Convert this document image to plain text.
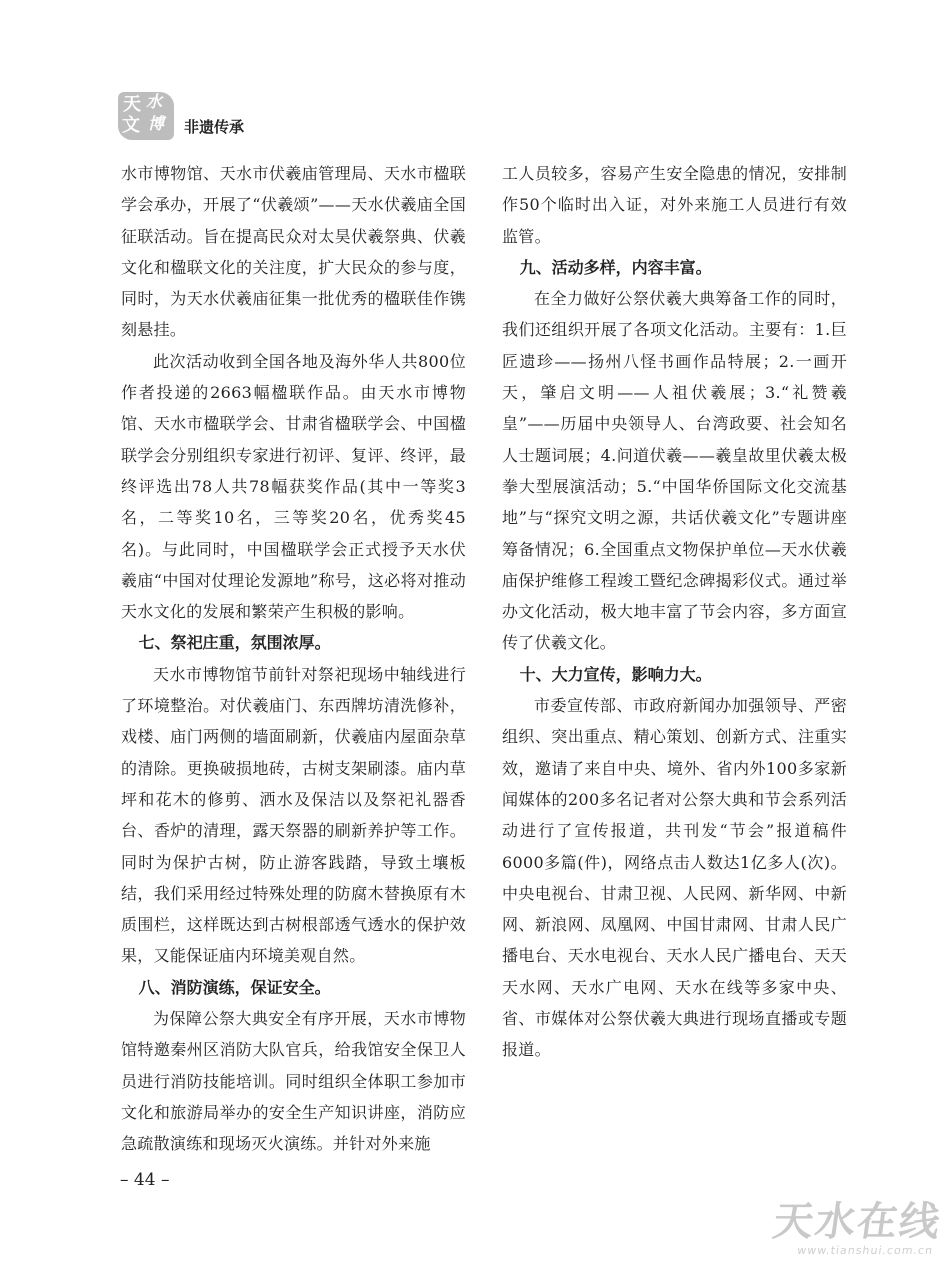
天 水
文 博 非遗传承

水市博物馆、天水市伏羲庙管理局、天水市楹联学会承办，开展了“伏羲颂”——天水伏羲庙全国征联活动。旨在提高民众对太昊伏羲祭典、伏羲文化和楹联文化的关注度，扩大民众的参与度，同时，为天水伏羲庙征集一批优秀的楹联佳作镌刻悬挂。

此次活动收到全国各地及海外华人共800位作者投递的2663幅楹联作品。由天水市博物馆、天水市楹联学会、甘肃省楹联学会、中国楹联学会分别组织专家进行初评、复评、终评，最终评选出78人共78幅获奖作品(其中一等奖3名，二等奖10名，三等奖20名，优秀奖45名)。与此同时，中国楹联学会正式授予天水伏羲庙“中国对仗理论发源地”称号，这必将对推动天水文化的发展和繁荣产生积极的影响。

七、祭祀庄重，氛围浓厚。

天水市博物馆节前针对祭祀现场中轴线进行了环境整治。对伏羲庙门、东西牌坊清洗修补，戏楼、庙门两侧的墙面刷新，伏羲庙内屋面杂草的清除。更换破损地砖，古树支架刷漆。庙内草坪和花木的修剪、洒水及保洁以及祭祀礼器香台、香炉的清理，露天祭器的刷新养护等工作。同时为保护古树，防止游客践踏，导致土壤板结，我们采用经过特殊处理的防腐木替换原有木质围栏，这样既达到古树根部透气透水的保护效果，又能保证庙内环境美观自然。

八、消防演练，保证安全。

为保障公祭大典安全有序开展，天水市博物馆特邀秦州区消防大队官兵，给我馆安全保卫人员进行消防技能培训。同时组织全体职工参加市文化和旅游局举办的安全生产知识讲座，消防应急疏散演练和现场灭火演练。并针对外来施

工人员较多，容易产生安全隐患的情况，安排制作50个临时出入证，对外来施工人员进行有效监管。

九、活动多样，内容丰富。

在全力做好公祭伏羲大典筹备工作的同时，我们还组织开展了各项文化活动。主要有：1.巨匠遗珍——扬州八怪书画作品特展；2.一画开天，肇启文明——人祖伏羲展；3.“礼赞羲皇”——历届中央领导人、台湾政要、社会知名人士题词展；4.问道伏羲——羲皇故里伏羲太极拳大型展演活动；5.“中国华侨国际文化交流基地”与“探究文明之源，共话伏羲文化”专题讲座筹备情况；6.全国重点文物保护单位—天水伏羲庙保护维修工程竣工暨纪念碑揭彩仪式。通过举办文化活动，极大地丰富了节会内容，多方面宣传了伏羲文化。

十、大力宣传，影响力大。

市委宣传部、市政府新闻办加强领导、严密组织、突出重点、精心策划、创新方式、注重实效，邀请了来自中央、境外、省内外100多家新闻媒体的200多名记者对公祭大典和节会系列活动进行了宣传报道，共刊发“节会”报道稿件6000多篇(件)，网络点击人数达1亿多人(次)。中央电视台、甘肃卫视、人民网、新华网、中新网、新浪网、凤凰网、中国甘肃网、甘肃人民广播电台、天水电视台、天水人民广播电台、天天天水网、天水广电网、天水在线等多家中央、省、市媒体对公祭伏羲大典进行现场直播或专题报道。

– 44 –
天水在线
www.tianshui.com.cn
